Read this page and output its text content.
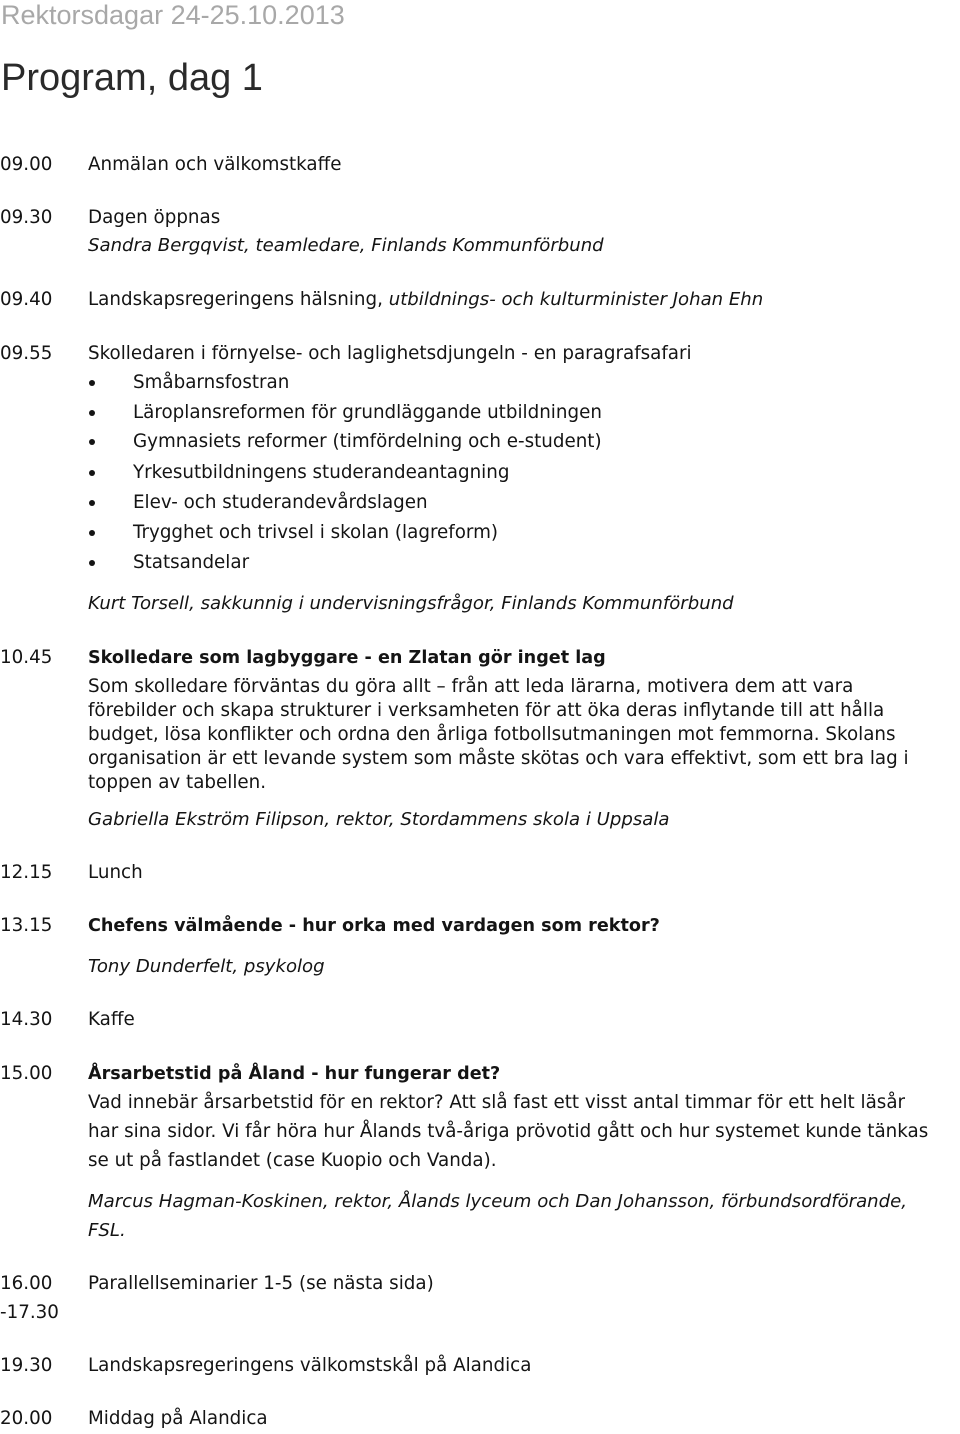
Rektorsdagar 24-25.10.2013
Program, dag 1
09.00 Anmälan och välkomstkaffe
09.30 Dagen öppnas
Sandra Bergqvist, teamledare, Finlands Kommunförbund
09.40 Landskapsregeringens hälsning, utbildnings- och kulturminister Johan Ehn
09.55 Skolledaren i förnyelse- och laglighetsdjungeln - en paragrafsafari
Småbarnsfostran
Läroplansreformen för grundläggande utbildningen
Gymnasiets reformer (timfördelning och e-student)
Yrkesutbildningens studerandeantagning
Elev- och studerandevårdslagen
Trygghet och trivsel i skolan (lagreform)
Statsandelar
Kurt Torsell, sakkunnig i undervisningsfrågor, Finlands Kommunförbund
10.45 Skolledare som lagbyggare - en Zlatan gör inget lag
Som skolledare förväntas du göra allt – från att leda lärarna, motivera dem att vara
förebilder och skapa strukturer i verksamheten för att öka deras inflytande till att hålla
budget, lösa konflikter och ordna den årliga fotbollsutmaningen mot femmorna. Skolans
organisation är ett levande system som måste skötas och vara effektivt, som ett bra lag i
toppen av tabellen.
Gabriella Ekström Filipson, rektor, Stordammens skola i Uppsala
12.15 Lunch
13.15 Chefens välmående - hur orka med vardagen som rektor?
Tony Dunderfelt, psykolog
14.30 Kaffe
15.00 Årsarbetstid på Åland - hur fungerar det?
Vad innebär årsarbetstid för en rektor? Att slå fast ett visst antal timmar för ett helt läsår
har sina sidor. Vi får höra hur Ålands två-åriga prövotid gått och hur systemet kunde tänkas
se ut på fastlandet (case Kuopio och Vanda).
Marcus Hagman-Koskinen, rektor, Ålands lyceum och Dan Johansson, förbundsordförande,
FSL.
16.00
-17.30
Parallellseminarier 1-5 (se nästa sida)
19.30 Landskapsregeringens välkomstskål på Alandica
20.00 Middag på Alandica
